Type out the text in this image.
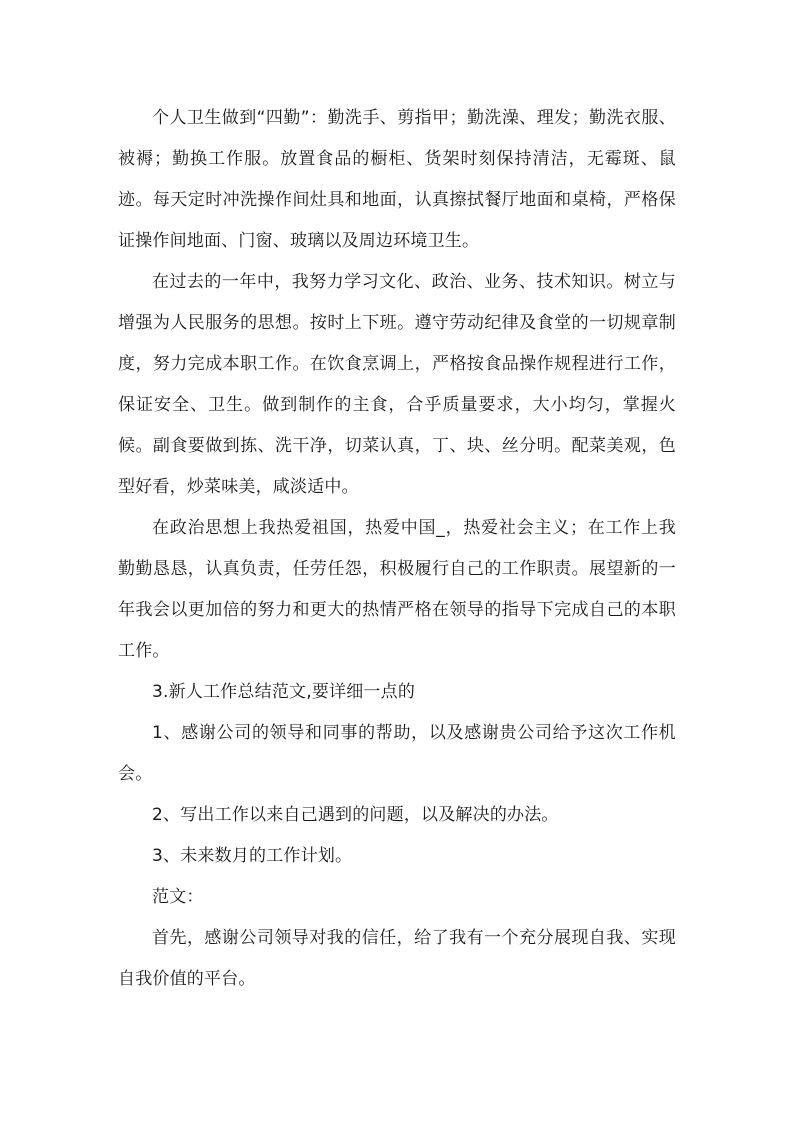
个人卫生做到“四勤”：勤洗手、剪指甲；勤洗澡、理发；勤洗衣服、被褥；勤换工作服。放置食品的橱柜、货架时刻保持清洁，无霉斑、鼠迹。每天定时冲洗操作间灶具和地面，认真擦拭餐厅地面和桌椅，严格保证操作间地面、门窗、玻璃以及周边环境卫生。

在过去的一年中，我努力学习文化、政治、业务、技术知识。树立与增强为人民服务的思想。按时上下班。遵守劳动纪律及食堂的一切规章制度，努力完成本职工作。在饮食烹调上，严格按食品操作规程进行工作，保证安全、卫生。做到制作的主食，合乎质量要求，大小均匀，掌握火候。副食要做到拣、洗干净，切菜认真，丁、块、丝分明。配菜美观，色型好看，炒菜味美，咸淡适中。

在政治思想上我热爱祖国，热爱中国_，热爱社会主义；在工作上我勤勤恳恳，认真负责，任劳任怨，积极履行自己的工作职责。展望新的一年我会以更加倍的努力和更大的热情严格在领导的指导下完成自己的本职工作。

3.新人工作总结范文,要详细一点的

1、感谢公司的领导和同事的帮助，以及感谢贵公司给予这次工作机会。

2、写出工作以来自己遇到的问题，以及解决的办法。

3、未来数月的工作计划。

范文：

首先，感谢公司领导对我的信任，给了我有一个充分展现自我、实现自我价值的平台。
